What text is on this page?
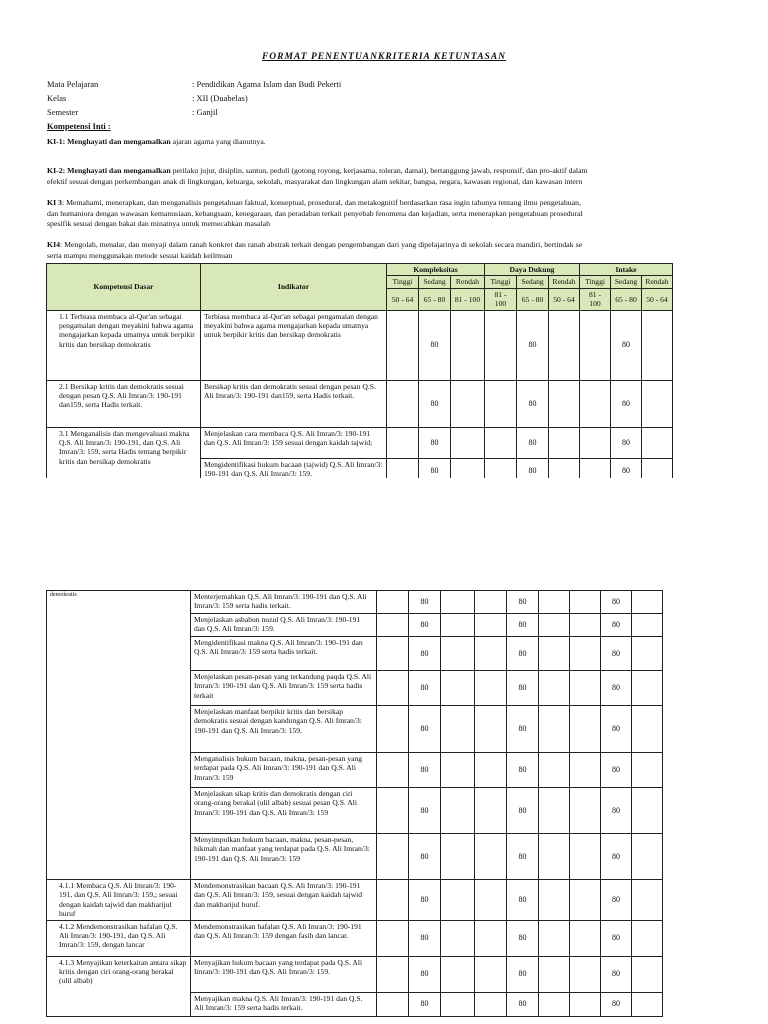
FORMAT PENENTUANKRITERIA KETUNTASAN
Mata Pelajaran	: Pendidikan Agama Islam dan Budi Pekerti
Kelas	: XII (Duabelas)
Semester	: Ganjil
Kompetensi Inti :
KI-1: Menghayati dan mengamalkan ajaran agama yang dianutnya.
KI-2: Menghayati dan mengamalkan perilaku jujur, disiplin, santun, peduli (gotong royong, kerjasama, toleran, damai), bertanggung jawab, responsif, dan pro-aktif dalam
efektif sesuai dengan perkembangan anak di lingkungan, keluarga, sekolah, masyarakat dan lingkungan alam sekitar, bangsa, negara, kawasan regional, dan kawasan intern
KI 3: Memahami, menerapkan, dan menganalisis pengetahuan faktual, konseptual, prosedural, dan metakognitif berdasarkan rasa ingin tahunya tentang ilmu pengetahuan,
dan humaniora dengan wawasan kemanusiaan, kebangsaan, kenegaraan, dan peradaban terkait penyebab fenomena dan kejadian, serta menerapkan pengetahuan prosedural
spesifik sesuai dengan bakat dan minatnya untuk memecahkan masalah
KI4: Mengolah, menalar, dan menyaji dalam ranah konkret dan ranah abstrak terkait dengan pengembangan dari yang dipelajarinya di sekolah secara mandiri, bertindak se
serta mampu menggunakan metode sesuai kaidah keilmuan
Kompetensi Dasar	Indikator	Kompleksitas			Daya Dukung			Intake		
		Tinggi	Sedang	Rendah	Tinggi	Sedang	Rendah	Tinggi	Sedang	Rendah
		50 - 64	65 - 80	81 - 100	81 - 100	65 - 80	50 - 64	81 - 100	65 - 80	50 - 64
1.1 Terbiasa membaca al-Qur'an sebagai pengamalan dengan meyakini bahwa agama mengajarkan kepada umatnya untuk berpikir kritis dan bersikap demokratis	Terbiasa membaca al-Qur'an sebagai pengamalan dengan meyakini bahwa agama mengajarkan kepada umatnya untuk berpikir kritis dan bersikap demokratis		80			80			80	
2.1 Bersikap kritis dan demokratis sesuai dengan pesan Q.S. Ali Imran/3: 190-191 dan159, serta Hadis terkait.	Bersikap kritis dan demokratis sesuai dengan pesan Q.S. Ali Imran/3: 190-191 dan159, serta Hadis terkait.		80			80			80	
3.1 Menganalisis dan mengevaluasi makna Q.S. Ali Imran/3: 190-191, dan Q.S. Ali Imran/3: 159, serta Hadis tentang berpikir kritis dan bersikap demokratis	Menjelaskan cara membaca Q.S. Ali Imran/3: 190-191 dan Q.S. Ali Imran/3: 159 sesuai dengan kaidah tajwid;		80			80			80	
	Mengidentifikasi hukum bacaan (tajwid) Q.S. Ali Imran/3: 190-191 dan Q.S. Ali Imran/3: 159.		80			80			80	
demokratis	Menterjemahkan Q.S. Ali Imran/3: 190-191 dan Q.S. Ali Imran/3: 159 serta hadis terkait.		80			80			80	
	Menjelaskan asbabun nuzul Q.S. Ali Imran/3: 190-191 dan Q.S. Ali Imran/3: 159.		80			80			80	
	Mengidentifikasi makna Q.S. Ali Imran/3: 190-191 dan Q.S. Ali Imran/3: 159 serta hadis terkait.		80			80			80	
	Menjelaskan pesan-pesan yang terkandung paqda Q.S. Ali Imran/3: 190-191 dan Q.S. Ali Imran/3: 159 serta hadis terkait		80			80			80	
	Menjelaskan manfaat berpikir kritis dan bersikap demokratis sesuai dengan kandungan Q.S. Ali Imran/3: 190-191 dan Q.S. Ali Imran/3: 159.		80			80			80	
	Menganalisis hukum bacaan, makna, pesan-pesan yang terdapat pada Q.S. Ali Imran/3: 190-191 dan Q.S. Ali Imran/3: 159		80			80			80	
	Menjelaskan sikap kritis dan demokratis dengan ciri orang-orang berakal (ulil albab) sesuai pesan Q.S. Ali Imran/3: 190-191 dan Q.S. Ali Imran/3: 159		80			80			80	
	Menyimpulkan hukum bacaan, makna, pesan-pesan, hikmah dan manfaat yang terdapat pada Q.S. Ali Imran/3: 190-191 dan Q.S. Ali Imran/3: 159		80			80			80	
4.1.1 Membaca Q.S. Ali Imran/3: 190-191, dan Q.S. Ali Imran/3: 159,; sesuai dengan kaidah tajwid dan makharijul huruf	Mendemonstrasikan bacaan Q.S. Ali Imran/3: 190-191 dan Q.S. Ali Imran/3: 159, sesuai dengan kaidah tajwid dan makharijul huruf.		80			80			80	
4.1.2 Mendemonstrasikan hafalan Q.S. Ali Imran/3: 190-191, dan Q.S. Ali Imran/3: 159, dengan lancar	Mendemonstrasikan hafalan Q.S. Ali Imran/3: 190-191 dan Q.S. Ali Imran/3: 159 dengan fasih dan lancar.		80			80			80	
4.1.3 Menyajikan keterkaitan antara sikap kritis dengan ciri orang-orang berakal (ulil albab)	Menyajikan hukum bacaan yang terdapat pada Q.S. Ali Imran/3: 190-191 dan Q.S. Ali Imran/3: 159.		80			80			80	
	Menyajikan makna Q.S. Ali Imran/3: 190-191 dan Q.S. Ali Imran/3: 159 serta hadis terkait.		80			80			80	
